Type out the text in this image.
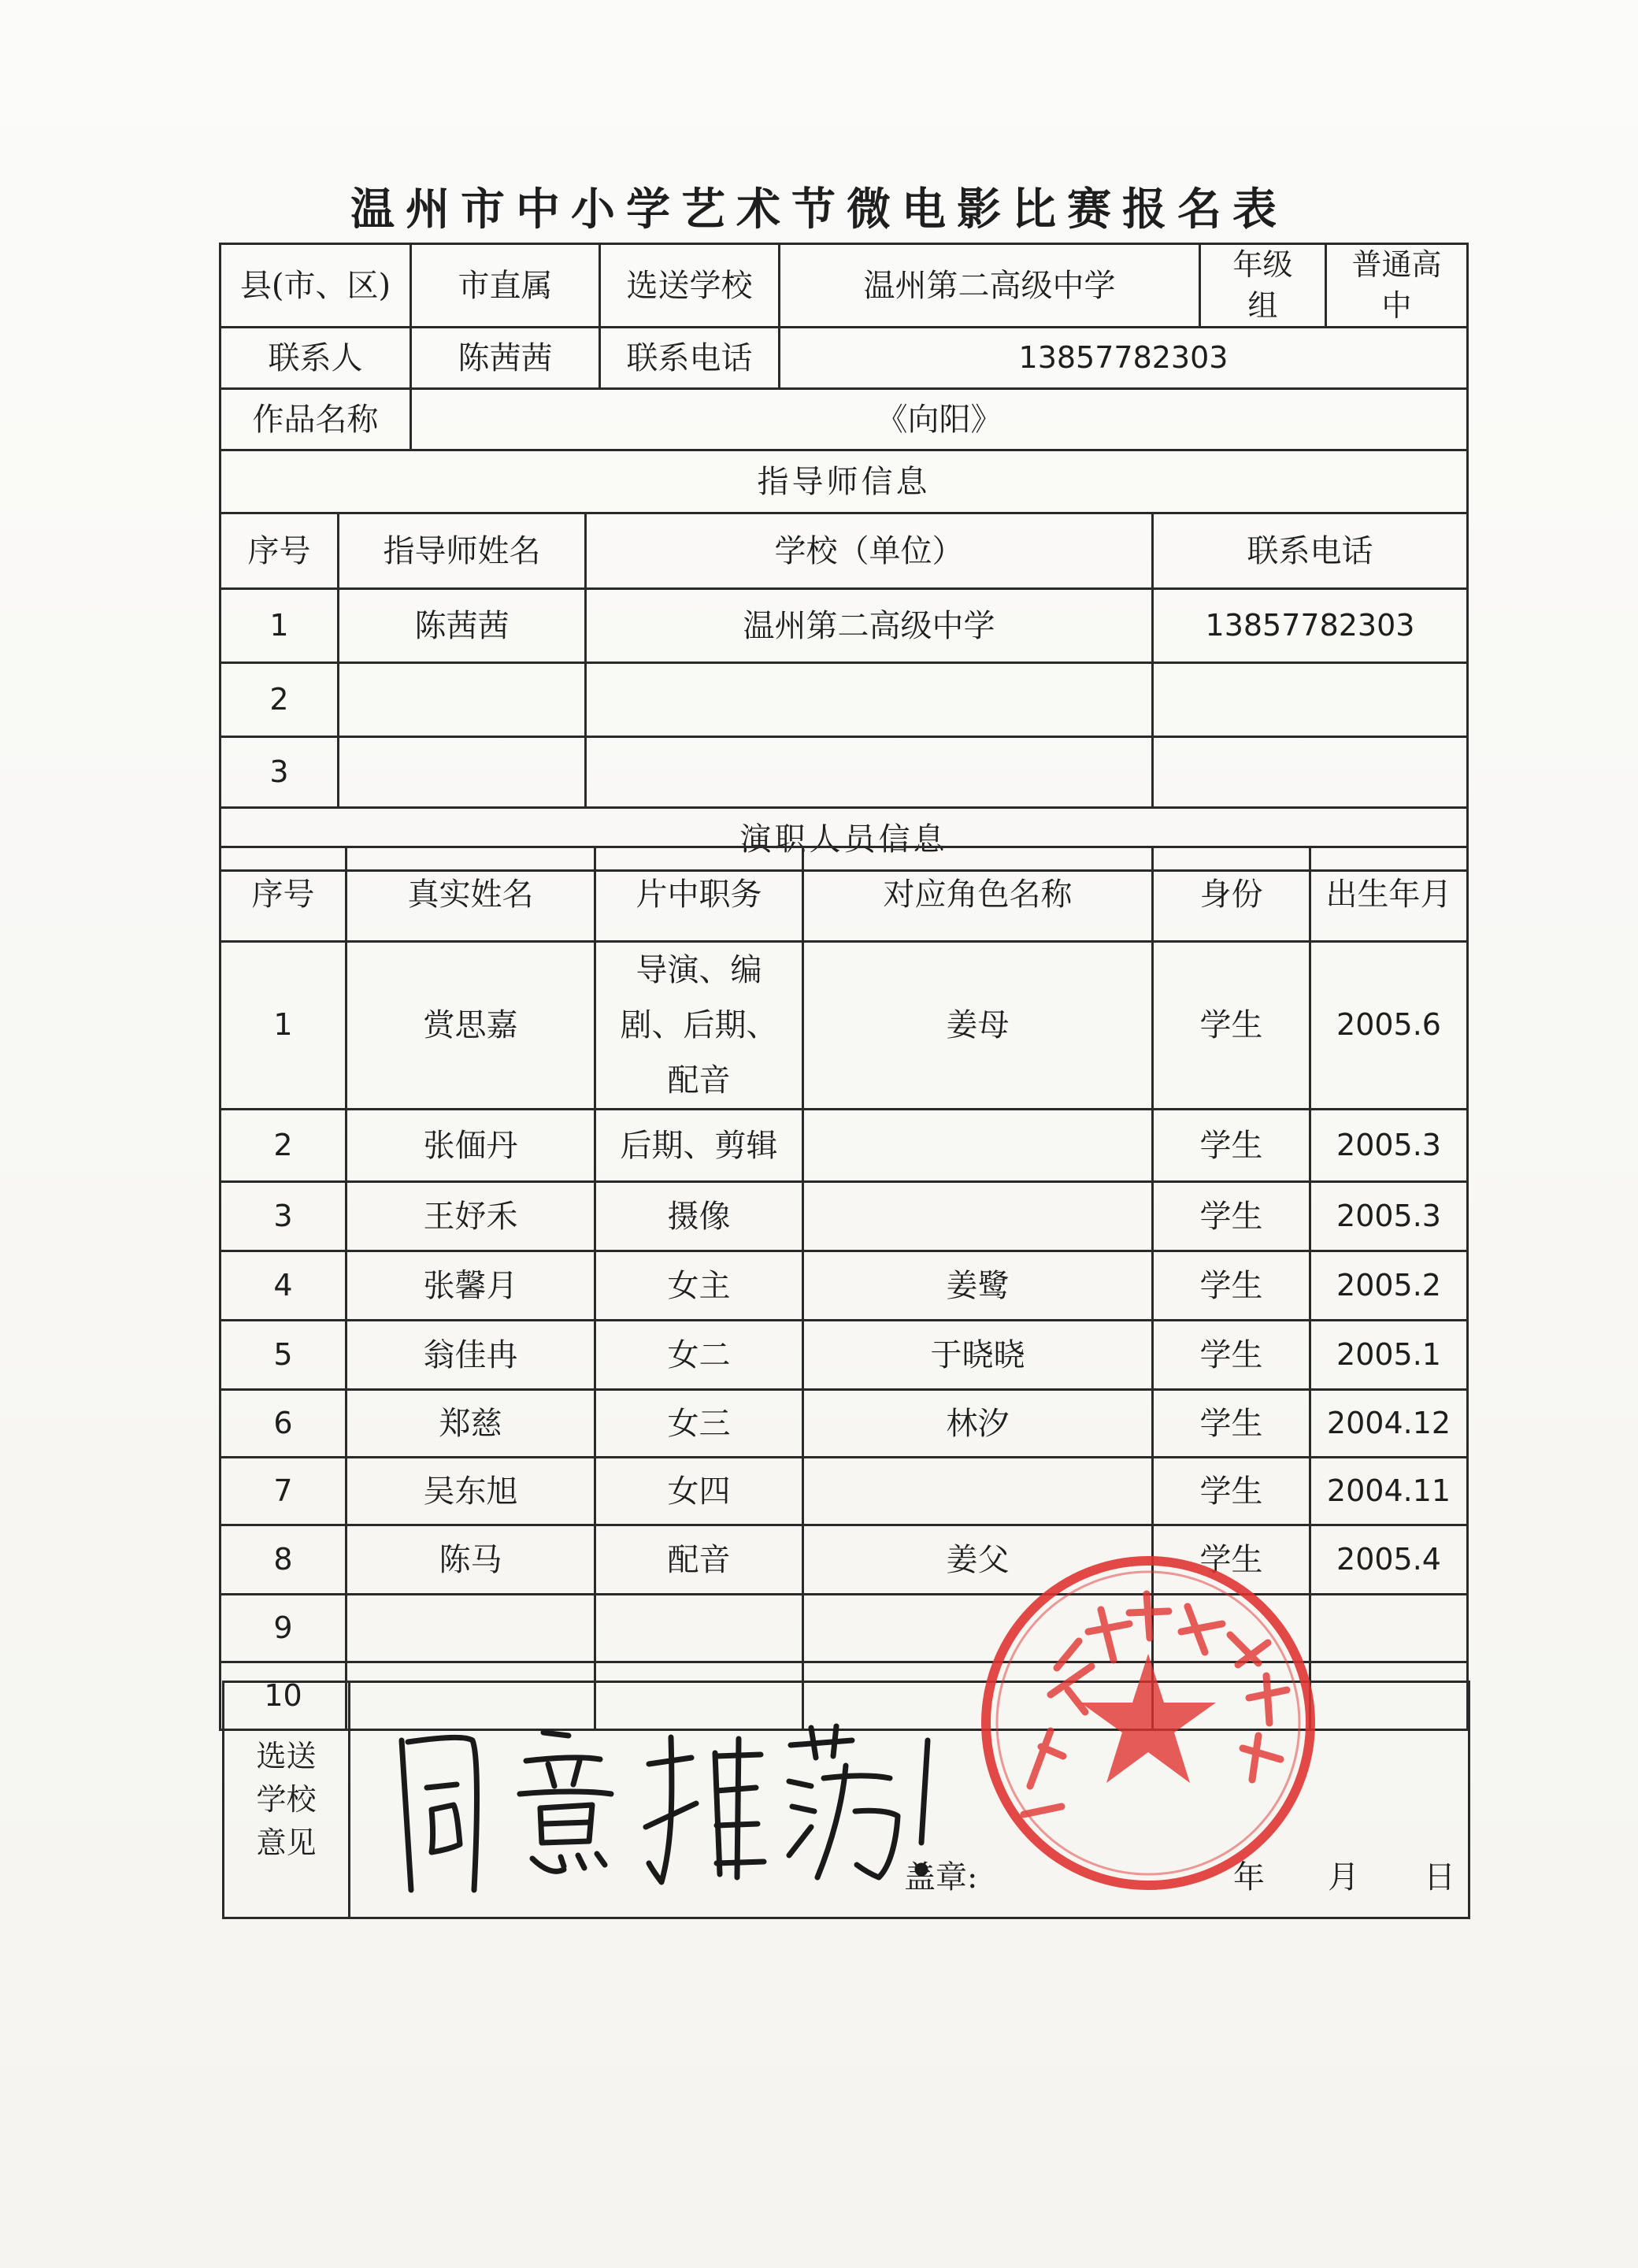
温州市中小学艺术节微电影比赛报名表
县(市、区)	市直属	选送学校	温州第二高级中学	年级组	普通高中
联系人	陈茜茜	联系电话	13857782303		
作品名称	《向阳》				
指导师信息					
序号	指导师姓名	学校（单位）	联系电话
1	陈茜茜	温州第二高级中学	13857782303
2			
3			
演职人员信息			
序号	真实姓名	片中职务	对应角色名称	身份	出生年月
1	赏思嘉	导演、编剧、后期、配音	姜母	学生	2005.6
2	张偭丹	后期、剪辑		学生	2005.3
3	王妤禾	摄像		学生	2005.3
4	张馨月	女主	姜鹭	学生	2005.2
5	翁佳冉	女二	于晓晓	学生	2005.1
6	郑慈	女三	林汐	学生	2004.12
7	吴东旭	女四		学生	2004.11
8	陈马	配音	姜父	学生	2005.4
9					
10					
选送学校意见	
盖章:	年 月 日
